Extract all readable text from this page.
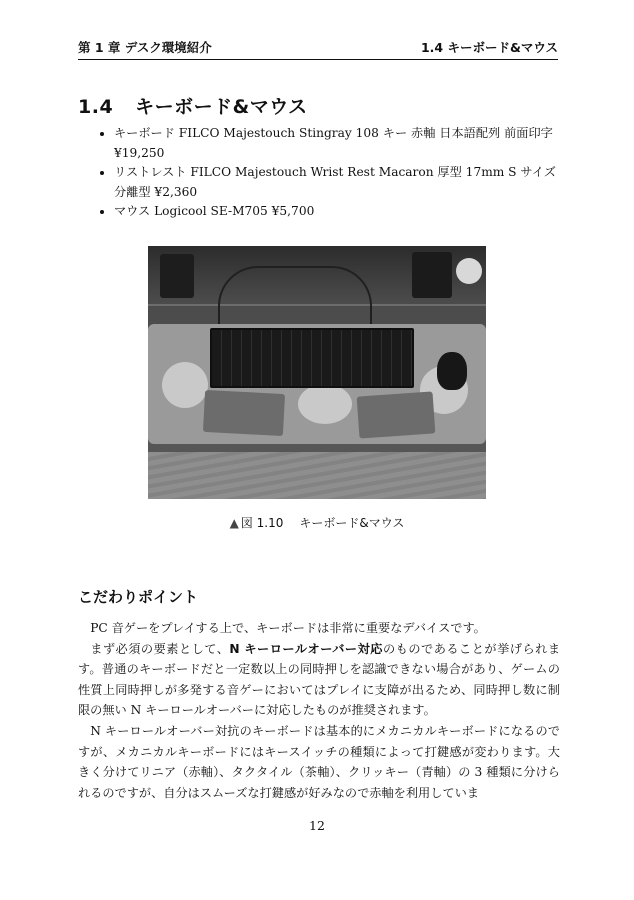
第 1 章 デスク環境紹介	1.4 キーボード&マウス
1.4 キーボード&マウス
• キーボード FILCO Majestouch Stingray 108 キー 赤軸 日本語配列 前面印字 ¥19,250
• リストレスト FILCO Majestouch Wrist Rest Macaron 厚型 17mm S サイズ 分離型 ¥2,360
• マウス Logicool SE-M705 ¥5,700
▲ 図 1.10 キーボード&マウス
こだわりポイント

PC 音ゲーをプレイする上で、キーボードは非常に重要なデバイスです。

まず必須の要素として、N キーロールオーバー対応のものであることが挙げられます。普通のキーボードだと一定数以上の同時押しを認識できない場合があり、ゲームの性質上同時押しが多発する音ゲーにおいてはプレイに支障が出るため、同時押し数に制限の無い N キーロールオーバーに対応したものが推奨されます。

N キーロールオーバー対抗のキーボードは基本的にメカニカルキーボードになるのですが、メカニカルキーボードにはキースイッチの種類によって打鍵感が変わります。大きく分けてリニア（赤軸）、タクタイル（茶軸）、クリッキー（青軸）の 3 種類に分けられるのですが、自分はスムーズな打鍵感が好みなので赤軸を利用していま

12
